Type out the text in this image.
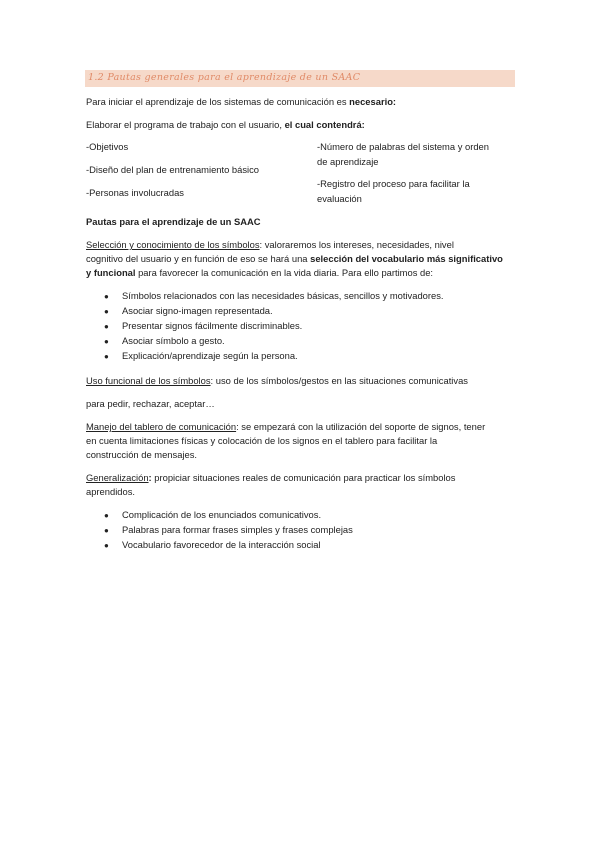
1.2 Pautas generales para el aprendizaje de un SAAC
Para iniciar el aprendizaje de los sistemas de comunicación es necesario:
Elaborar el programa de trabajo con el usuario, el cual contendrá:
-Objetivos
-Diseño del plan de entrenamiento básico
-Personas involucradas
-Número de palabras del sistema y orden
de aprendizaje
-Registro del proceso para facilitar la
evaluación
Pautas para el aprendizaje de un SAAC
Selección y conocimiento de los símbolos: valoraremos los intereses, necesidades, nivel
cognitivo del usuario y en función de eso se hará una selección del vocabulario más significativo
y funcional para favorecer la comunicación en la vida diaria. Para ello partimos de:
● Símbolos relacionados con las necesidades básicas, sencillos y motivadores.
● Asociar signo-imagen representada.
● Presentar signos fácilmente discriminables.
● Asociar símbolo a gesto.
● Explicación/aprendizaje según la persona.
Uso funcional de los símbolos: uso de los símbolos/gestos en las situaciones comunicativas
para pedir, rechazar, aceptar…
Manejo del tablero de comunicación: se empezará con la utilización del soporte de signos, tener
en cuenta limitaciones físicas y colocación de los signos en el tablero para facilitar la
construcción de mensajes.
Generalización: propiciar situaciones reales de comunicación para practicar los símbolos
aprendidos.
● Complicación de los enunciados comunicativos.
● Palabras para formar frases simples y frases complejas
● Vocabulario favorecedor de la interacción social
